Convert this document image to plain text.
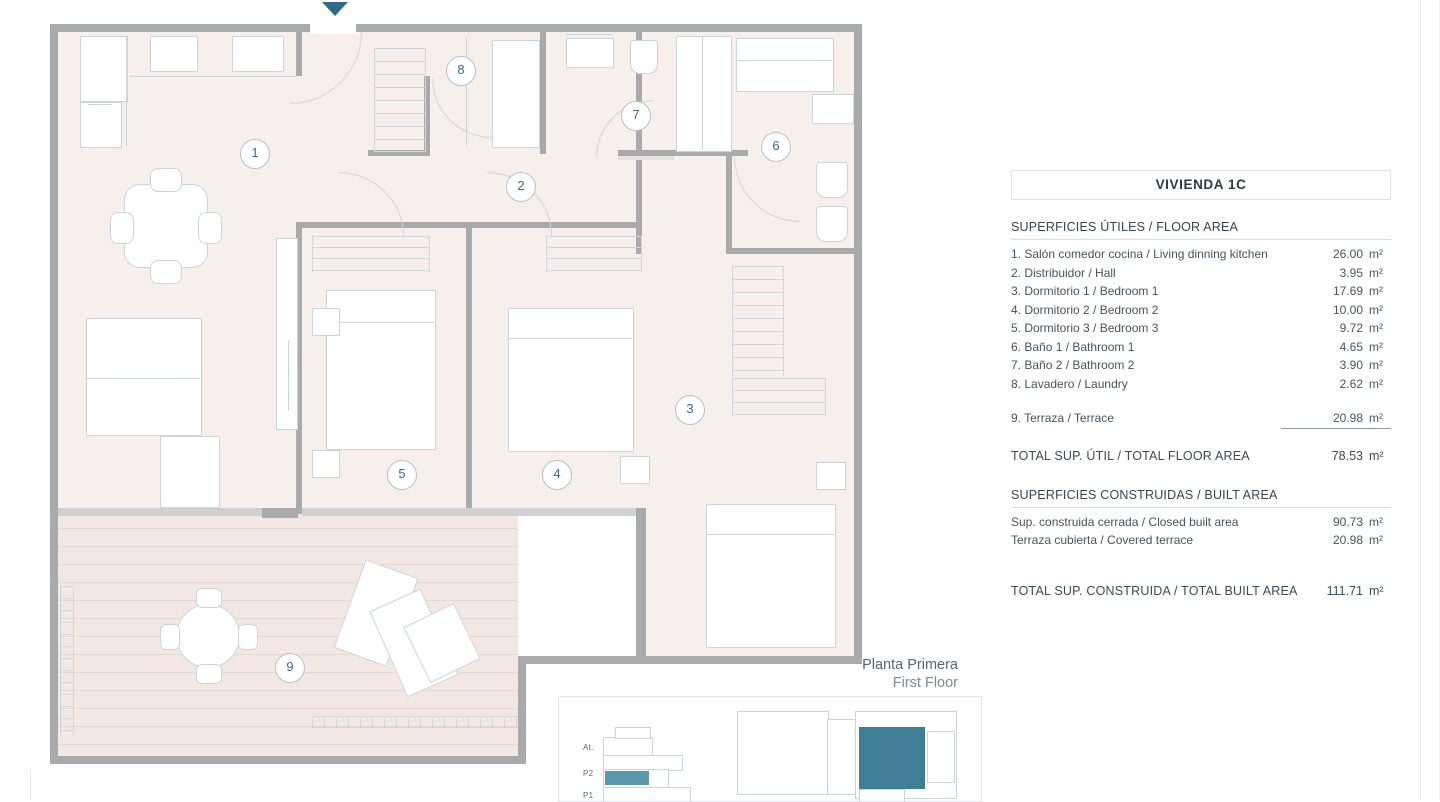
1
2
3
4
5
6
7
8
9	Planta Primera
First Floor
At.
P2
P1
VIVIENDA 1C
SUPERFICIES ÚTILES / FLOOR AREA
1. Salón comedor cocina / Living dinning kitchen	26.00 m²
2. Distribuidor / Hall	3.95 m²
3. Dormitorio 1 / Bedroom 1	17.69 m²
4. Dormitorio 2 / Bedroom 2	10.00 m²
5. Dormitorio 3 / Bedroom 3	9.72 m²
6. Baño 1 / Bathroom 1	4.65 m²
7. Baño 2 / Bathroom 2	3.90 m²
8. Lavadero / Laundry	2.62 m²
9. Terraza / Terrace	20.98 m²
TOTAL SUP. ÚTIL / TOTAL FLOOR AREA	78.53 m²
SUPERFICIES CONSTRUIDAS / BUILT AREA
Sup. construida cerrada / Closed built area	90.73 m²
Terraza cubierta / Covered terrace	20.98 m²
TOTAL SUP. CONSTRUIDA / TOTAL BUILT AREA	111.71 m²
